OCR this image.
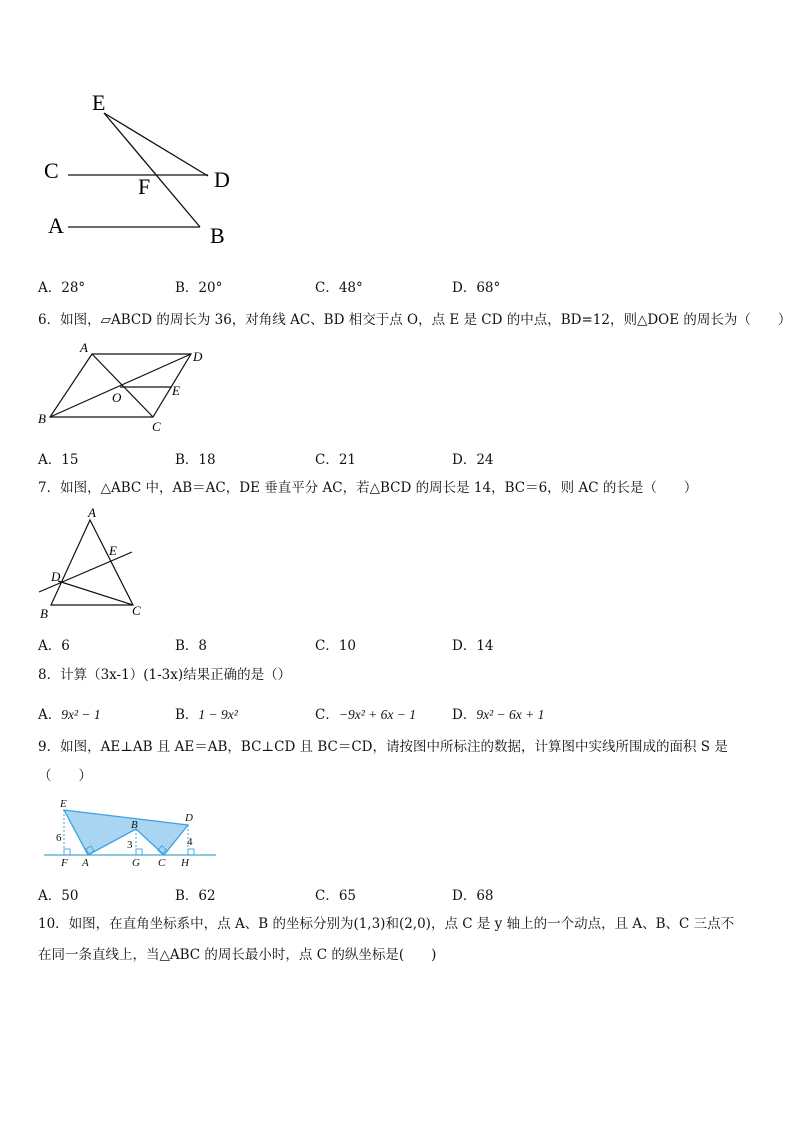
E
C
F	D
A	B
A．28°	B．20°	C．48°	D．68°
6．如图，▱ABCD 的周长为 36，对角线 AC、BD 相交于点 O，点 E 是 CD 的中点，BD=12，则△DOE 的周长为（　　）
A
D
O	E
B
C
A．15	B．18	C．21	D．24
7．如图，△ABC 中，AB＝AC，DE 垂直平分 AC，若△BCD 的周长是 14，BC＝6，则 AC 的长是（　　）
A
E
D
B	C
A．6	B．8	C．10	D．14
8．计算（3x-1）(1-3x)结果正确的是（）
A．9x² − 1	B．1 − 9x²	C．−9x² + 6x − 1	D．9x² − 6x + 1
9．如图，AE⊥AB 且 AE＝AB，BC⊥CD 且 BC＝CD，请按图中所标注的数据，计算图中实线所围成的面积 S 是
（　　）
E
B
D
6
3	4
F A	G C H
A．50	B．62	C．65	D．68
10．如图，在直角坐标系中，点 A、B 的坐标分别为(1,3)和(2,0)，点 C 是 y 轴上的一个动点，且 A、B、C 三点不
在同一条直线上，当△ABC 的周长最小时，点 C 的纵坐标是(　　)
